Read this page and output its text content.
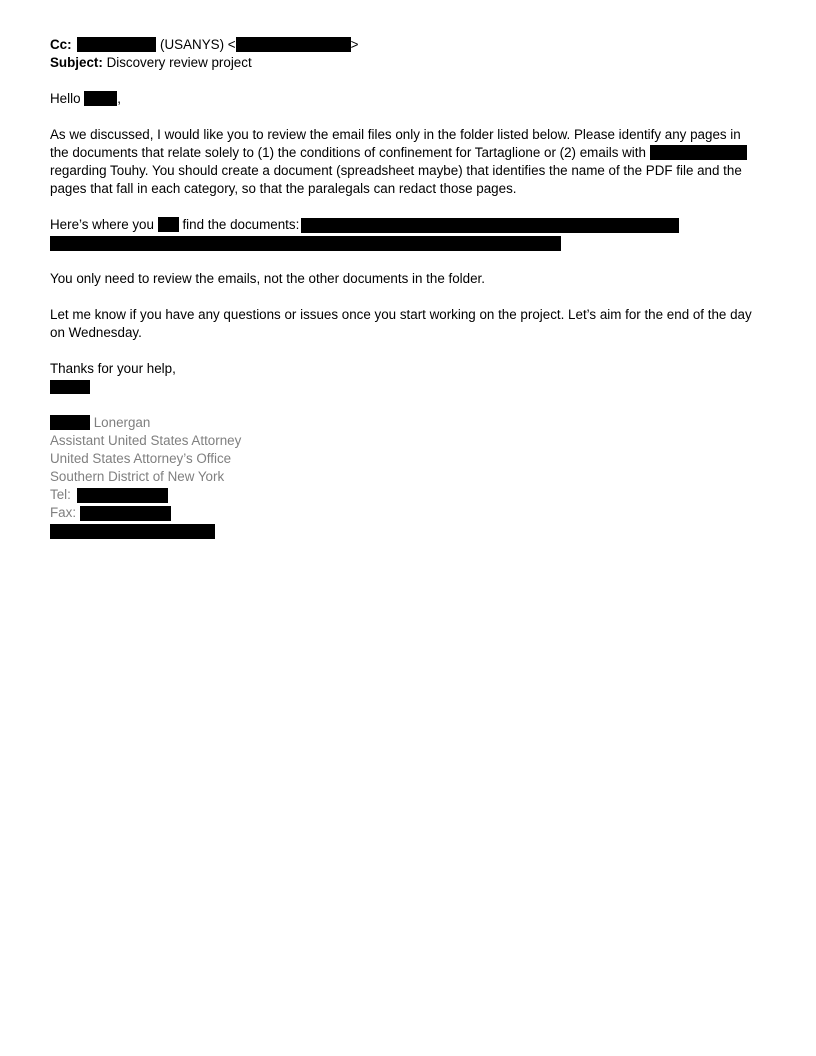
Cc:	(USANYS) <	>
Subject: Discovery review project
Hello	,
As we discussed, I would like you to review the email files only in the folder listed below. Please identify any pages in
the documents that relate solely to (1) the conditions of confinement for Tartaglione or (2) emails with
regarding Touhy. You should create a document (spreadsheet maybe) that identifies the name of the PDF file and the
pages that fall in each category, so that the paralegals can redact those pages.
Here’s where you find the documents:
You only need to review the emails, not the other documents in the folder.
Let me know if you have any questions or issues once you start working on the project. Let’s aim for the end of the day
on Wednesday.
Thanks for your help,
Lonergan
Assistant United States Attorney
United States Attorney’s Office
Southern District of New York
Tel:
Fax:
